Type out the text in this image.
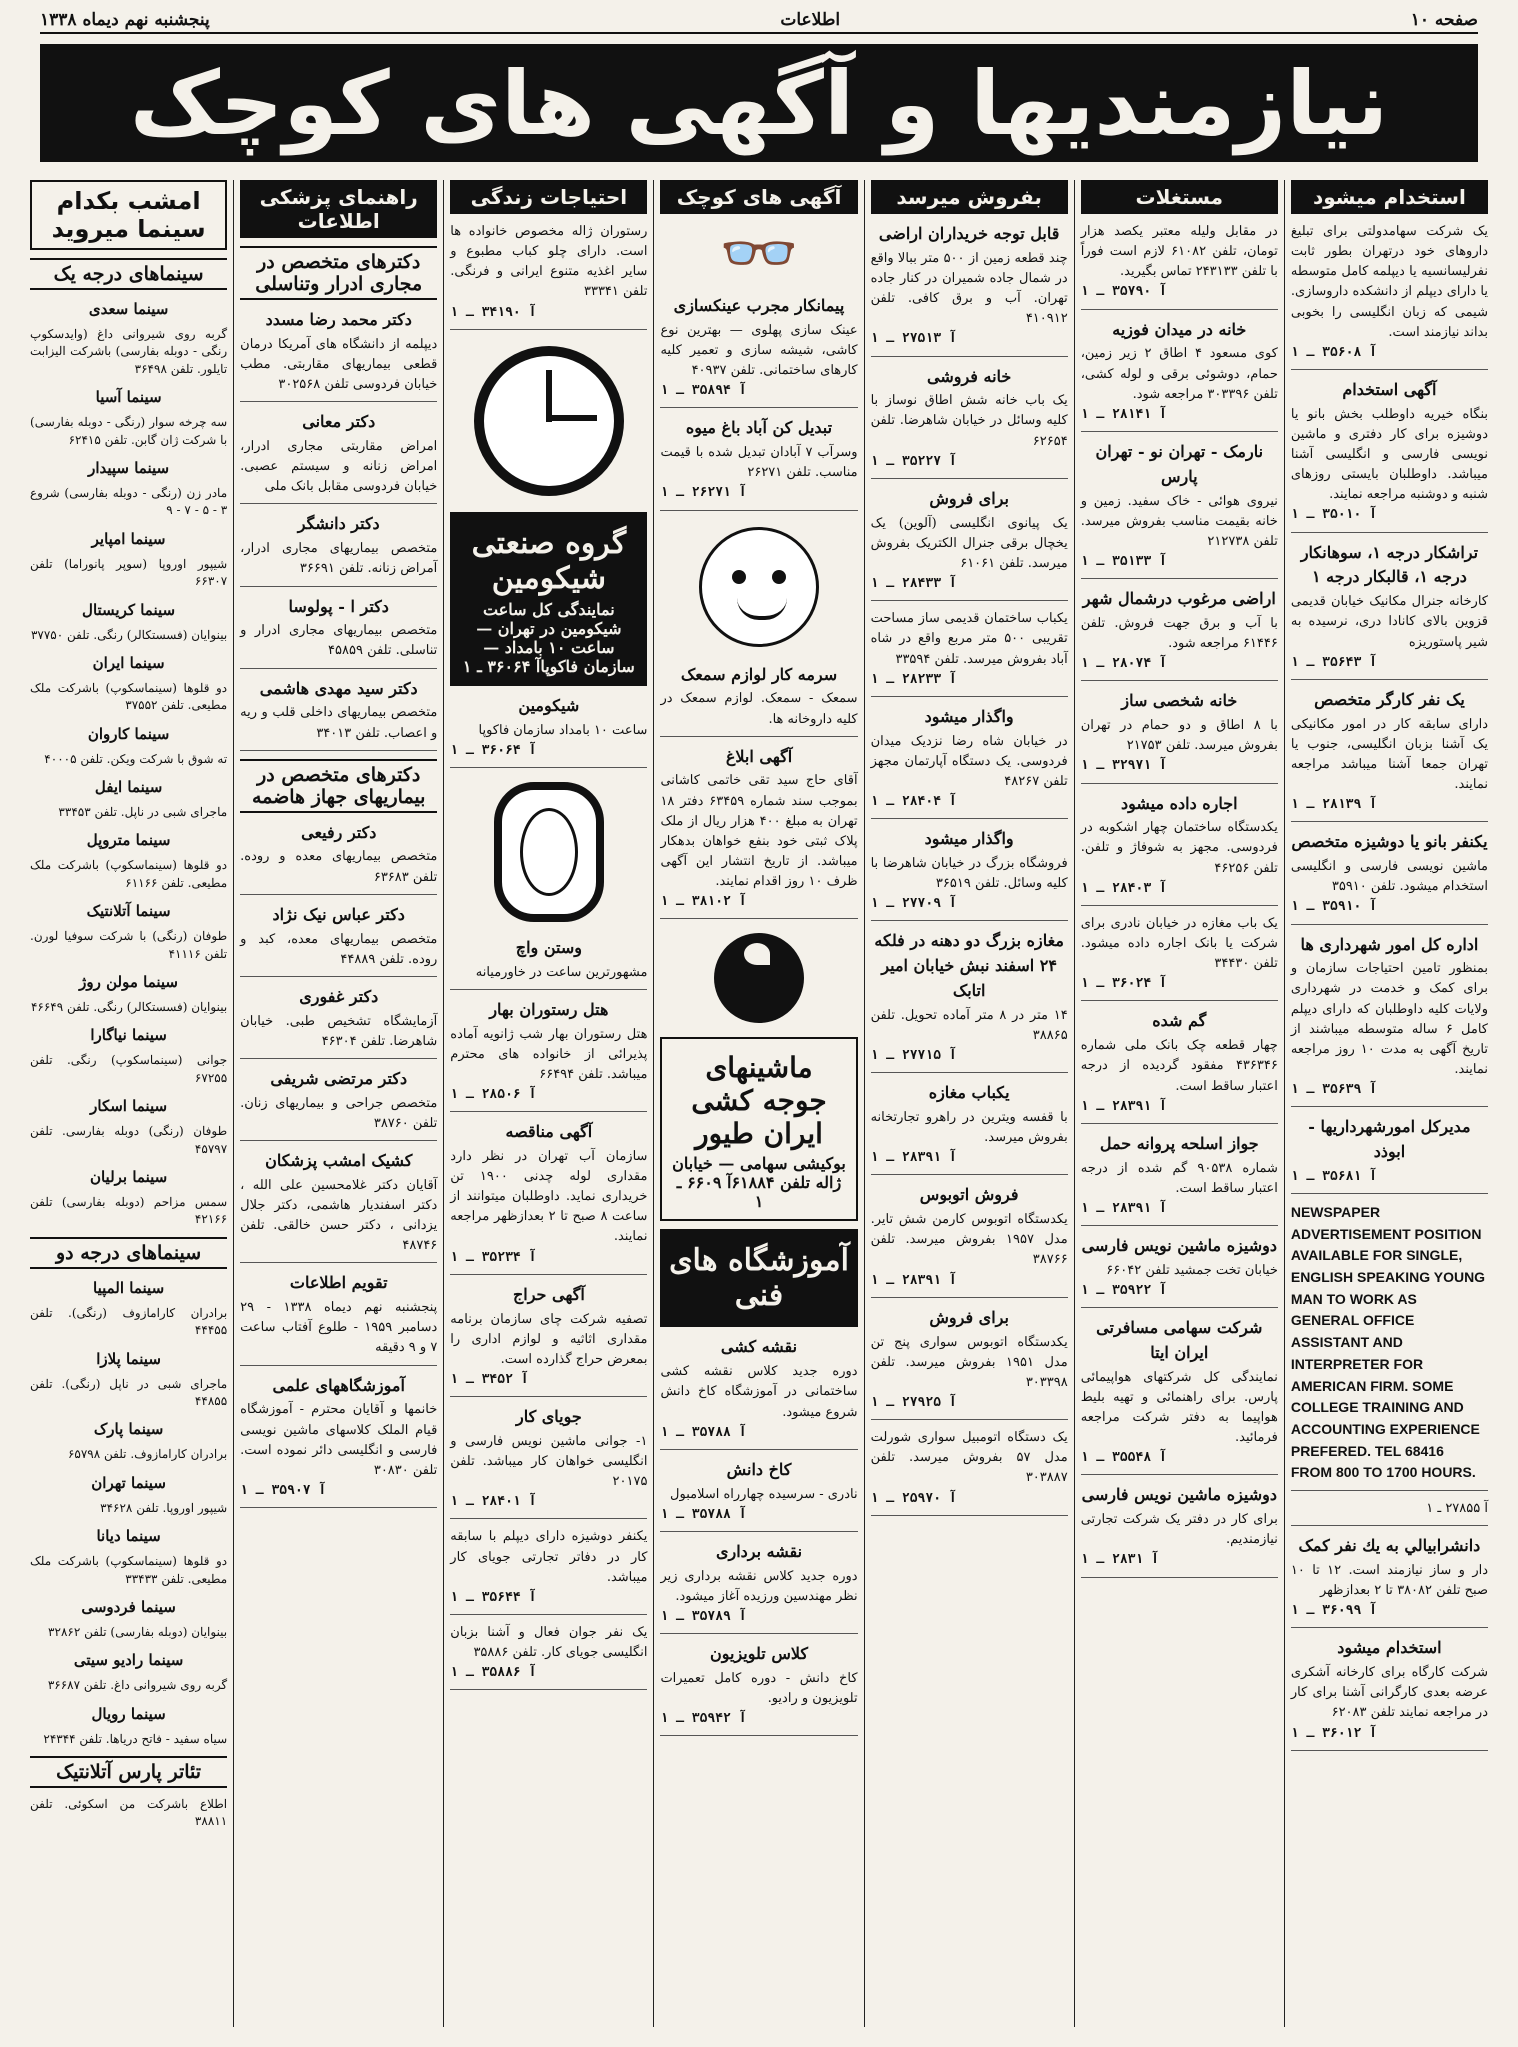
صفحه ۱۰
اطلاعات
پنجشنبه نهم دیماه ۱۳۳۸
نیازمندیها و آگهی های کوچک
استخدام میشود
یک شرکت سهامدولتی برای تبلیغ داروهای خود درتهران بطور ثابت نفرلیسانسیه یا دیپلمه کامل متوسطه یا دارای دیپلم از دانشکده داروسازی. شیمی که زبان انگلیسی را بخوبی بداند نیازمند است.
آ ۳۵۶۰۸ ـ ۱
آگهی استخدام
بنگاه خیریه داوطلب بخش بانو یا دوشیزه برای کار دفتری و ماشین نویسی فارسی و انگلیسی آشنا میباشد. داوطلبان بایستی روزهای شنبه و دوشنبه مراجعه نمایند.
آ ۳۵۰۱۰ ـ ۱
تراشکار درجه ۱، سوهانکار درجه ۱، قالبکار درجه ۱
کارخانه جنرال مکانیک خیابان قدیمی قزوین بالای کانادا دری، نرسیده به شیر پاستوریزه
آ ۳۵۶۴۳ ـ ۱
یک نفر کارگر متخصص
دارای سابقه کار در امور مکانیکی یک آشنا بزبان انگلیسی، جنوب یا تهران جمعا آشنا میباشد مراجعه نمایند.
آ ۲۸۱۳۹ ـ ۱
یکنفر بانو یا دوشیزه متخصص
ماشین نویسی فارسی و انگلیسی استخدام میشود. تلفن ۳۵۹۱۰
آ ۳۵۹۱۰ ـ ۱
اداره کل امور شهرداری ها
بمنظور تامین احتیاجات سازمان و برای کمک و خدمت در شهرداری ولایات کلیه داوطلبان که دارای دیپلم کامل ۶ ساله متوسطه میباشند از تاریخ آگهی به مدت ۱۰ روز مراجعه نمایند.
آ ۳۵۶۳۹ ـ ۱
مدیرکل امورشهرداریها - ابوذد
آ ۳۵۶۸۱ ـ ۱
NEWSPAPER ADVERTISEMENT POSITION AVAILABLE FOR SINGLE, ENGLISH SPEAKING YOUNG MAN TO WORK AS GENERAL OFFICE ASSISTANT AND INTERPRETER FOR AMERICAN FIRM. SOME COLLEGE TRAINING AND ACCOUNTING EXPERIENCE PREFERED. TEL 68416 FROM 800 TO 1700 HOURS.
آ ۲۷۸۵۵ ـ ۱
دانشرابيالي به يك نفر كمک
دار و ساز نیازمند است. ۱۲ تا ۱۰ صبح تلفن ۳۸۰۸۲ تا ۲ بعدازظهر
آ ۳۶۰۹۹ ـ ۱
استخدام میشود
شرکت کارگاه برای کارخانه آشکری عرضه بعدی کارگرانی آشنا برای کار در مراجعه نمایند تلفن ۶۲۰۸۳
آ ۳۶۰۱۲ ـ ۱
مستغلات
در مقابل ولیله معتبر یکصد هزار تومان، تلفن ۶۱۰۸۲ لازم است فوراً با تلفن ۲۴۳۱۳۳ تماس بگیرید.
آ ۳۵۷۹۰ ـ ۱
خانه در میدان فوزیه
کوی مسعود ۴ اطاق ۲ زیر زمین، حمام، دوشوئی برقی و لوله کشی، تلفن ۳۰۳۳۹۶ مراجعه شود.
آ ۲۸۱۴۱ ـ ۱
نارمک - تهران نو - تهران پارس
نیروی هوائی - خاک سفید. زمین و خانه بقیمت مناسب بفروش میرسد. تلفن ۲۱۲۷۳۸
آ ۳۵۱۳۳ ـ ۱
اراضی مرغوب درشمال شهر
با آب و برق جهت فروش. تلفن ۶۱۴۴۶ مراجعه شود.
آ ۲۸۰۷۴ ـ ۱
خانه شخصی ساز
با ۸ اطاق و دو حمام در تهران بفروش میرسد. تلفن ۲۱۷۵۳
آ ۳۲۹۷۱ ـ ۱
اجاره داده میشود
یکدستگاه ساختمان چهار اشکوبه در فردوسی. مجهز به شوفاژ و تلفن. تلفن ۴۶۲۵۶
آ ۲۸۴۰۳ ـ ۱
یک باب مغازه در خیابان نادری برای شرکت یا بانک اجاره داده میشود. تلفن ۳۴۴۳۰
آ ۳۶۰۲۴ ـ ۱
گم شده
چهار قطعه چک بانک ملی شماره ۴۳۶۳۴۶ مفقود گردیده از درجه اعتبار ساقط است.
آ ۲۸۳۹۱ ـ ۱
جواز اسلحه پروانه حمل
شماره ۹۰۵۳۸ گم شده از درجه اعتبار ساقط است.
آ ۲۸۳۹۱ ـ ۱
دوشیزه ماشین نویس فارسی
خیابان تخت جمشید تلفن ۶۶۰۴۲
آ ۳۵۹۲۲ ـ ۱
شرکت سهامی مسافرتی ایران ایتا
نمایندگی کل شرکتهای هواپیمائی پارس. برای راهنمائی و تهیه بلیط هواپیما به دفتر شرکت مراجعه فرمائید.
آ ۳۵۵۴۸ ـ ۱
دوشیزه ماشین نویس فارسی
برای کار در دفتر یک شرکت تجارتی نیازمندیم.
آ ۲۸۳۱ ـ ۱
بفروش میرسد
قابل توجه خریداران اراضی
چند قطعه زمین از ۵۰۰ متر ببالا واقع در شمال جاده شمیران در کنار جاده تهران. آب و برق کافی. تلفن ۴۱۰۹۱۲
آ ۲۷۵۱۳ ـ ۱
خانه فروشی
یک باب خانه شش اطاق نوساز با کلیه وسائل در خیابان شاهرضا. تلفن ۶۲۶۵۴
آ ۳۵۲۲۷ ـ ۱
برای فروش
یک پیانوی انگلیسی (آلوین) یک یخچال برقی جنرال الکتریک بفروش میرسد. تلفن ۶۱۰۶۱
آ ۲۸۴۳۳ ـ ۱
یکباب ساختمان قدیمی ساز مساحت تقریبی ۵۰۰ متر مربع واقع در شاه آباد بفروش میرسد. تلفن ۳۳۵۹۴
آ ۲۸۲۳۳ ـ ۱
واگذار میشود
در خیابان شاه رضا نزدیک میدان فردوسی. یک دستگاه آپارتمان مجهز تلفن ۴۸۲۶۷
آ ۲۸۴۰۴ ـ ۱
واگذار میشود
فروشگاه بزرگ در خیابان شاهرضا با کلیه وسائل. تلفن ۳۶۵۱۹
آ ۲۷۷۰۹ ـ ۱
مغازه بزرگ دو دهنه در فلکه ۲۴ اسفند نبش خیابان امیر اتابک
۱۴ متر در ۸ متر آماده تحویل. تلفن ۳۸۸۶۵
آ ۲۷۷۱۵ ـ ۱
یکباب مغازه
با قفسه ویترین در راهرو تجارتخانه بفروش میرسد.
آ ۲۸۳۹۱ ـ ۱
فروش اتوبوس
یکدستگاه اتوبوس کارمن شش تایر. مدل ۱۹۵۷ بفروش میرسد. تلفن ۳۸۷۶۶
آ ۲۸۳۹۱ ـ ۱
برای فروش
یکدستگاه اتوبوس سواری پنج تن مدل ۱۹۵۱ بفروش میرسد. تلفن ۳۰۳۳۹۸
آ ۲۷۹۲۵ ـ ۱
یک دستگاه اتومبیل سواری شورلت مدل ۵۷ بفروش میرسد. تلفن ۳۰۳۸۸۷
آ ۲۵۹۷۰ ـ ۱
آگهی های کوچک
👓
پیمانکار مجرب عینکسازی
عینک سازی پهلوی — بهترین نوع کاشی، شیشه سازی و تعمیر کلیه کارهای ساختمانی. تلفن ۴۰۹۳۷
آ ۳۵۸۹۴ ـ ۱
تبدیل کن آباد باغ میوه
وسرآب ۷ آبادان تبدیل شده با قیمت مناسب. تلفن ۲۶۲۷۱
آ ۲۶۲۷۱ ـ ۱
سرمه کار لوازم سمعک
سمعک - سمعک. لوازم سمعک در کلیه داروخانه ها.
آگهی ابلاغ
آقای حاج سید تقی خاتمی کاشانی بموجب سند شماره ۶۳۴۵۹ دفتر ۱۸ تهران به مبلغ ۴۰۰ هزار ریال از ملک پلاک ثبتی خود بنفع خواهان بدهکار میباشد. از تاریخ انتشار این آگهی ظرف ۱۰ روز اقدام نمایند.
آ ۳۸۱۰۲ ـ ۱
ماشینهای جوجه کشی ایران طیور
بوکیشی سهامی — خیابان ژاله تلفن ۶۱۸۸۴آ ۶۶۰۹ ـ ۱
آموزشگاه های فنی
نقشه کشی
دوره جدید کلاس نقشه کشی ساختمانی در آموزشگاه کاخ دانش شروع میشود.
آ ۳۵۷۸۸ ـ ۱
کاخ دانش
نادری - سرسیده چهارراه اسلامبول
آ ۳۵۷۸۸ ـ ۱
نقشه برداری
دوره جدید کلاس نقشه برداری زیر نظر مهندسین ورزیده آغاز میشود.
آ ۳۵۷۸۹ ـ ۱
کلاس تلویزیون
کاخ دانش - دوره کامل تعمیرات تلویزیون و رادیو.
آ ۳۵۹۴۲ ـ ۱
احتیاجات زندگی
رستوران ژاله مخصوص خانواده ها است. دارای چلو کباب مطبوع و سایر اغذیه متنوع ایرانی و فرنگی. تلفن ۳۳۳۴۱
آ ۳۴۱۹۰ ـ ۱
گروه صنعتی شیکومین
نمایندگی کل ساعت شیکومین در تهران — ساعت ۱۰ بامداد — سازمان فاکوپاآ ۳۶۰۶۴ ـ ۱
شیکومین
ساعت ۱۰ بامداد سازمان فاکوپا
آ ۳۶۰۶۴ ـ ۱
وستن واچ
مشهورترین ساعت در خاورمیانه
هتل رستوران بهار
هتل رستوران بهار شب ژانویه آماده پذیرائی از خانواده های محترم میباشد. تلفن ۶۶۴۹۴
آ ۲۸۵۰۶ ـ ۱
آگهی مناقصه
سازمان آب تهران در نظر دارد مقداری لوله چدنی ۱۹۰۰ تن خریداری نماید. داوطلبان میتوانند از ساعت ۸ صبح تا ۲ بعدازظهر مراجعه نمایند.
آ ۳۵۲۳۴ ـ ۱
آگهی حراج
تصفیه شرکت چای سازمان برنامه مقداری اثاثیه و لوازم اداری را بمعرض حراج گذارده است.
آ ۳۴۵۲ ـ ۱
جویای کار
۱- جوانی ماشین نویس فارسی و انگلیسی خواهان کار میباشد. تلفن ۲۰۱۷۵
آ ۲۸۴۰۱ ـ ۱
یکنفر دوشیزه دارای دیپلم با سابقه کار در دفاتر تجارتی جویای کار میباشد.
آ ۳۵۶۴۴ ـ ۱
یک نفر جوان فعال و آشنا بزبان انگلیسی جویای کار. تلفن ۳۵۸۸۶
آ ۳۵۸۸۶ ـ ۱
راهنمای پزشکی اطلاعات
دکترهای متخصص در مجاری ادرار وتناسلی
دکتر محمد رضا مسدد
دیپلمه از دانشگاه های آمریکا درمان قطعی بیماریهای مقاربتی. مطب خیابان فردوسی تلفن ۳۰۲۵۶۸
دکتر معانی
امراض مقاربتی مجاری ادرار، امراض زنانه و سیستم عصبی. خیابان فردوسی مقابل بانک ملی
دکتر دانشگر
متخصص بیماریهای مجاری ادرار، آمراض زنانه. تلفن ۳۶۶۹۱
دکتر ا - پولوسا
متخصص بیماریهای مجاری ادرار و تناسلی. تلفن ۴۵۸۵۹
دکتر سید مهدی هاشمی
متخصص بیماریهای داخلی قلب و ریه و اعصاب. تلفن ۳۴۰۱۳
دکترهای متخصص در بیماریهای جهاز هاضمه
دکتر رفیعی
متخصص بیماریهای معده و روده. تلفن ۶۳۶۸۳
دکتر عباس نیک نژاد
متخصص بیماریهای معده، کبد و روده. تلفن ۴۴۸۸۹
دکتر غفوری
آزمایشگاه تشخیص طبی. خیابان شاهرضا. تلفن ۴۶۳۰۴
دکتر مرتضی شریفی
متخصص جراحی و بیماریهای زنان. تلفن ۳۸۷۶۰
کشیک امشب پزشکان
آقایان دکتر غلامحسین علی الله ، دکتر اسفندیار هاشمی، دکتر جلال یزدانی ، دکتر حسن خالقی. تلفن ۴۸۷۴۶
تقویم اطلاعات
پنجشنبه نهم دیماه ۱۳۳۸ - ۲۹ دسامبر ۱۹۵۹ - طلوع آفتاب ساعت ۷ و ۹ دقیقه
آموزشگاههای علمی
خانمها و آقایان محترم - آموزشگاه قیام الملک کلاسهای ماشین نویسی فارسی و انگلیسی دائر نموده است. تلفن ۳۰۸۳۰
آ ۳۵۹۰۷ ـ ۱
امشب بکدام سینما میروید
سینماهای درجه یک
سینما سعدی
گربه روی شیروانی داغ (وایدسکوپ رنگی - دوبله بفارسی) باشرکت الیزابت تایلور. تلفن ۳۶۴۹۸
سینما آسیا
سه چرخه سوار (رنگی - دوبله بفارسی) با شرکت ژان گابن. تلفن ۶۲۴۱۵
سینما سپیدار
مادر زن (رنگی - دوبله بفارسی) شروع ۳ - ۵ - ۷ - ۹
سینما امپایر
شیپور اوروپا (سوپر پانوراما) تلفن ۶۶۳۰۷
سینما کریستال
بینوایان (فسستکالر) رنگی. تلفن ۳۷۷۵۰
سینما ایران
دو قلوها (سینماسکوپ) باشرکت ملک مطیعی. تلفن ۳۷۵۵۲
سینما کاروان
ته شوق با شرکت ویکن. تلفن ۴۰۰۰۵
سینما ایفل
ماجرای شبی در ناپل. تلفن ۳۳۴۵۳
سینما متروپل
دو قلوها (سینماسکوپ) باشرکت ملک مطیعی. تلفن ۶۱۱۶۶
سینما آتلانتیک
طوفان (رنگی) با شرکت سوفیا لورن. تلفن ۴۱۱۱۶
سینما مولن روژ
بینوایان (فسستکالر) رنگی. تلفن ۴۶۶۴۹
سینما نیاگارا
جوانی (سینماسکوپ) رنگی. تلفن ۶۷۲۵۵
سینما اسکار
طوفان (رنگی) دوبله بفارسی. تلفن ۴۵۷۹۷
سینما برلیان
سمس مزاحم (دوبله بفارسی) تلفن ۴۲۱۶۶
سینماهای درجه دو
سینما المپیا
برادران کارامازوف (رنگی). تلفن ۴۴۴۵۵
سینما پلازا
ماجرای شبی در ناپل (رنگی). تلفن ۴۴۸۵۵
سینما پارک
برادران کارامازوف. تلفن ۶۵۷۹۸
سینما تهران
شیپور اوروپا. تلفن ۳۴۶۲۸
سینما دیانا
دو قلوها (سینماسکوپ) باشرکت ملک مطیعی. تلفن ۳۳۴۳۳
سینما فردوسی
بینوایان (دوبله بفارسی) تلفن ۳۲۸۶۲
سینما رادیو سیتی
گربه روی شیروانی داغ. تلفن ۳۶۶۸۷
سینما رویال
سیاه سفید - فاتح دریاها. تلفن ۲۴۳۴۴
تئاتر پارس آتلانتیک
اطلاع باشرکت من اسکوئی. تلفن ۳۸۸۱۱
